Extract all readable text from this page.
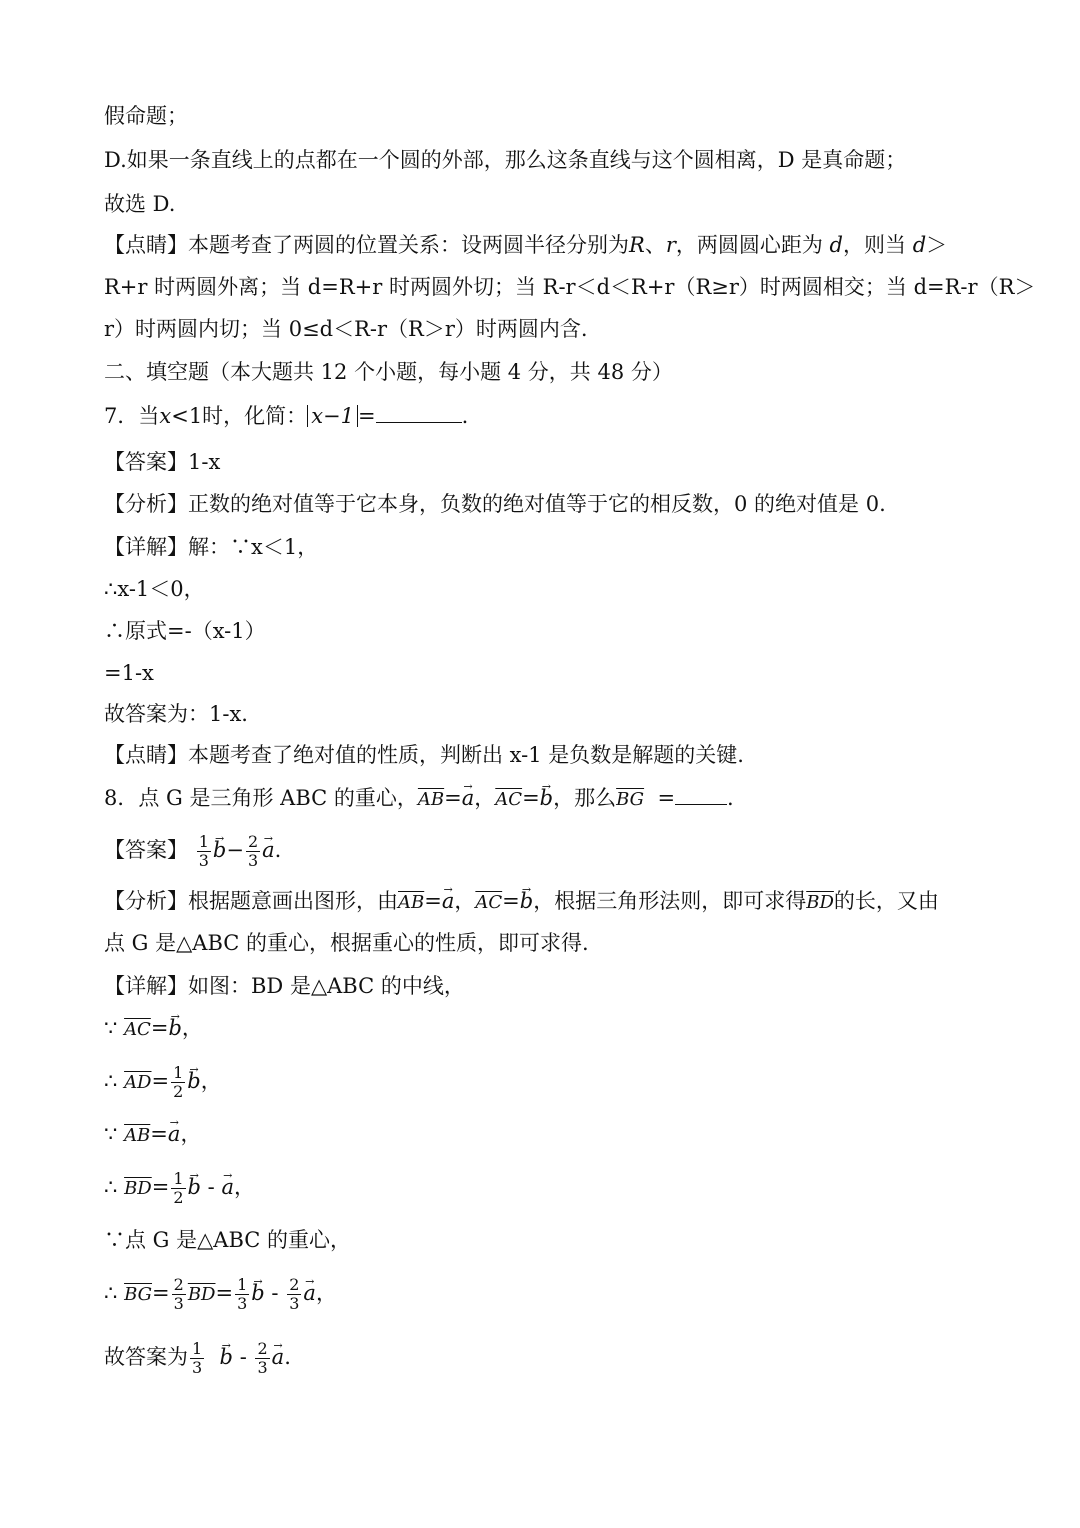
假命题；
D.如果一条直线上的点都在一个圆的外部，那么这条直线与这个圆相离，D 是真命题；
故选 D.
【点睛】本题考查了两圆的位置关系：设两圆半径分别为R、r，两圆圆心距为 d，则当 d＞
R+r 时两圆外离；当 d=R+r 时两圆外切；当 R-r＜d＜R+r（R≥r）时两圆相交；当 d=R-r（R＞
r）时两圆内切；当 0≤d＜R-r（R＞r）时两圆内含.
二、填空题（本大题共 12 个小题，每小题 4 分，共 48 分）
7．当x<1时，化简： x−1 =	.
【答案】1-x
【分析】正数的绝对值等于它本身，负数的绝对值等于它的相反数，0 的绝对值是 0.
【详解】解：∵x＜1，
∴x-1＜0，
∴原式=-（x-1）
=1-x
故答案为：1-x.
【点睛】本题考查了绝对值的性质，判断出 x-1 是负数是解题的关键.
8．点 G 是三角形 ABC 的重心，$\overline{AB}=\to a$，$\overline{AC}=\to b$，那么$\overline{BG}$ = .
【答案】 $\frac{1}{3} \to b- \frac{2}{3} \to a$.
【分析】根据题意画出图形，由$\overline{AB}=\to a$，$\overline{AC}=\to b$，根据三角形法则，即可求得$\overline{BD}$的长，又由
点 G 是△ABC 的重心，根据重心的性质，即可求得.
【详解】如图：BD 是△ABC 的中线，
∵ $\overline{AC}=\to b$，
∴ $\overline{AD}= \frac{1}{2} \to b$，
∵ $\overline{AB}=\to a$，
∴ $\overline{BD}= \frac{1}{2} \to b$ - → a，
∵点 G 是△ABC 的重心，
∴ $\overline{BG}= \frac{2}{3} \overline{BD}= \frac{1}{3} \to b - \frac{2}{3} \to a$，
故答案为 $\frac{1}{3} \to b - \frac{2}{3} \to a$.
